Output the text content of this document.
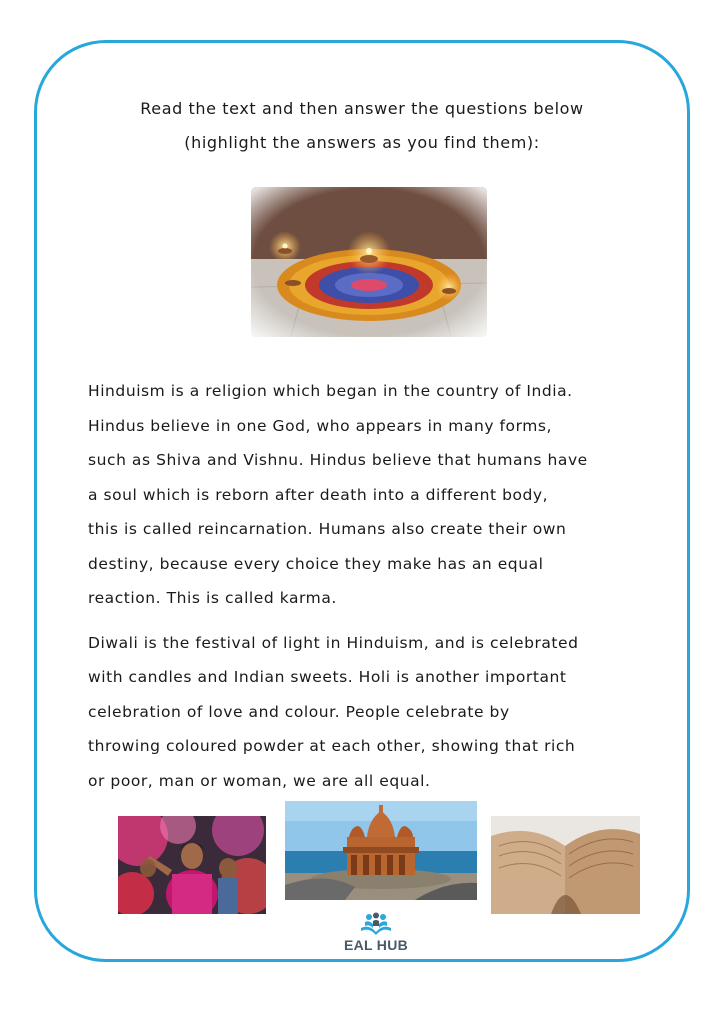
Read the text and then answer the questions below
(highlight the answers as you find them):

Hinduism is a religion which began in the country of India.

Hindus believe in one God, who appears in many forms,

such as Shiva and Vishnu. Hindus believe that humans have

a soul which is reborn after death into a different body,

this is called reincarnation. Humans also create their own

destiny, because every choice they make has an equal

reaction. This is called karma.

Diwali is the festival of light in Hinduism, and is celebrated

with candles and Indian sweets. Holi is another important

celebration of love and colour. People celebrate by

throwing coloured powder at each other, showing that rich

or poor, man or woman, we are all equal.

EAL HUB
